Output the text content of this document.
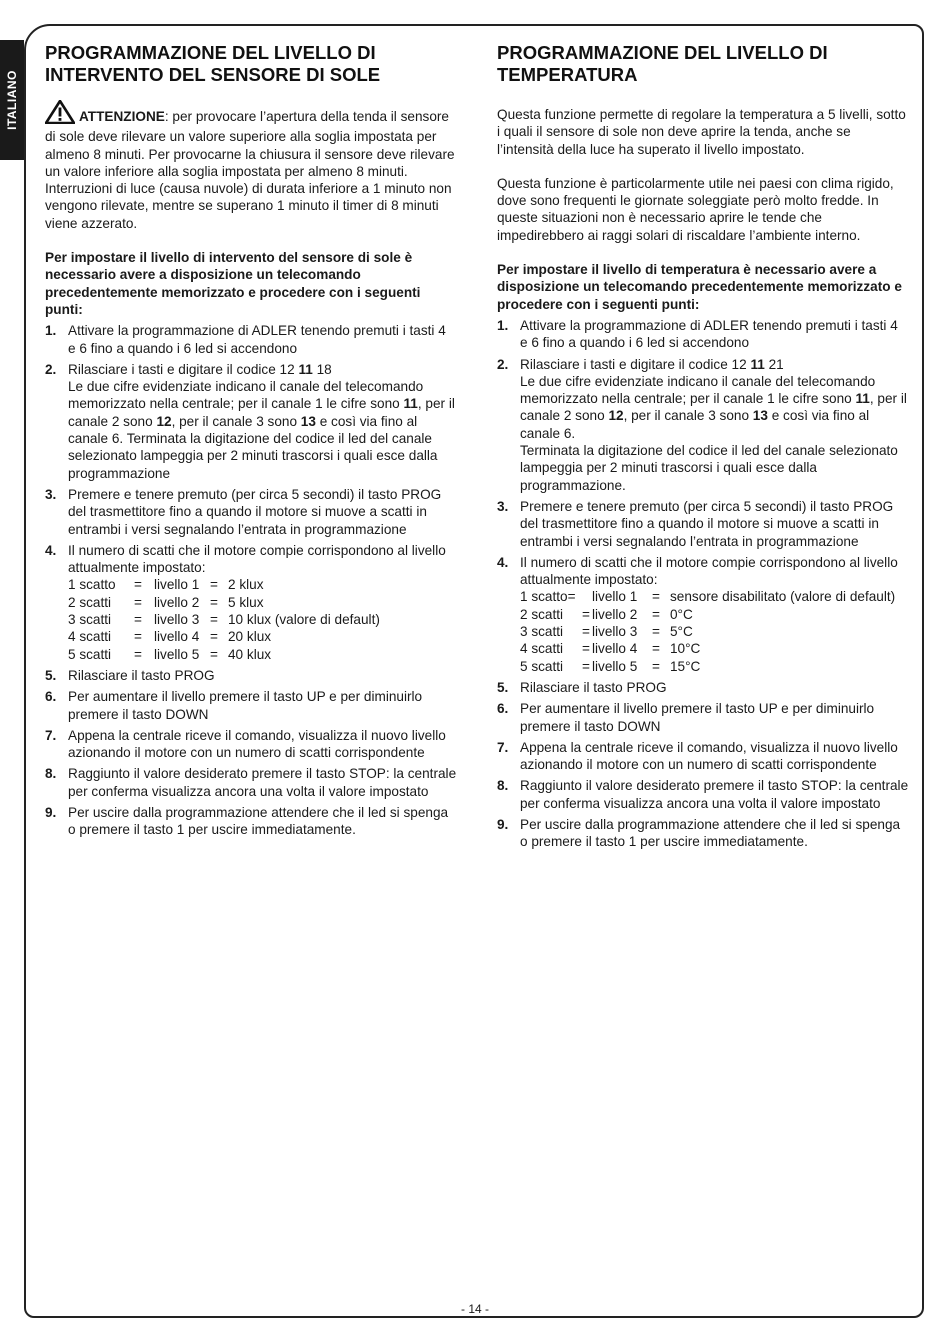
ITALIANO
PROGRAMMAZIONE DEL LIVELLO DI INTERVENTO DEL SENSORE DI SOLE

ATTENZIONE: per provocare l’apertura della tenda il sensore di sole deve rilevare un valore superiore alla soglia impostata per almeno 8 minuti. Per provocarne la chiusura il sensore deve rilevare un valore inferiore alla soglia impostata per almeno 8 minuti.

Interruzioni di luce (causa nuvole) di durata inferiore a 1 minuto non vengono rilevate, mentre se superano 1 minuto il timer di 8 minuti viene azzerato.

Per impostare il livello di intervento del sensore di sole è necessario avere a disposizione un telecomando precedentemente memorizzato e procedere con i seguenti punti:

1. Attivare la programmazione di ADLER tenendo premuti i tasti 4 e 6 fino a quando i 6 led si accendono
2. Rilasciare i tasti e digitare il codice 12 11 18
Le due cifre evidenziate indicano il canale del telecomando memorizzato nella centrale; per il canale 1 le cifre sono 11, per il canale 2 sono 12, per il canale 3 sono 13 e così via fino al canale 6. Terminata la digitazione del codice il led del canale selezionato lampeggia per 2 minuti trascorsi i quali esce dalla programmazione
3. Premere e tenere premuto (per circa 5 secondi) il tasto PROG del trasmettitore fino a quando il motore si muove a scatti in entrambi i versi segnalando l’entrata in programmazione
4. Il numero di scatti che il motore compie corrispondono al livello attualmente impostato:
1 scatto	=	livello 1	=	2 klux
2 scatti	=	livello 2	=	5 klux
3 scatti	=	livello 3	=	10 klux (valore di default)
4 scatti	=	livello 4	=	20 klux
5 scatti	=	livello 5	=	40 klux
5. Rilasciare il tasto PROG
6. Per aumentare il livello premere il tasto UP e per diminuirlo premere il tasto DOWN
7. Appena la centrale riceve il comando, visualizza il nuovo livello azionando il motore con un numero di scatti corrispondente
8. Raggiunto il valore desiderato premere il tasto STOP: la centrale per conferma visualizza ancora una volta il valore impostato
9. Per uscire dalla programmazione attendere che il led si spenga o premere il tasto 1 per uscire immediatamente.
PROGRAMMAZIONE DEL LIVELLO DI TEMPERATURA

Questa funzione permette di regolare la temperatura a 5 livelli, sotto i quali il sensore di sole non deve aprire la tenda, anche se l’intensità della luce ha superato il livello impostato.

Questa funzione è particolarmente utile nei paesi con clima rigido, dove sono frequenti le giornate soleggiate però molto fredde. In queste situazioni non è necessario aprire le tende che impedirebbero ai raggi solari di riscaldare l’ambiente interno.

Per impostare il livello di temperatura è necessario avere a disposizione un telecomando precedentemente memorizzato e procedere con i seguenti punti:

1. Attivare la programmazione di ADLER tenendo premuti i tasti 4 e 6 fino a quando i 6 led si accendono
2. Rilasciare i tasti e digitare il codice 12 11 21
Le due cifre evidenziate indicano il canale del telecomando memorizzato nella centrale; per il canale 1 le cifre sono 11, per il canale 2 sono 12, per il canale 3 sono 13 e così via fino al canale 6.
Terminata la digitazione del codice il led del canale selezionato lampeggia per 2 minuti trascorsi i quali esce dalla programmazione.
3. Premere e tenere premuto (per circa 5 secondi) il tasto PROG del trasmettitore fino a quando il motore si muove a scatti in entrambi i versi segnalando l’entrata in programmazione
4. Il numero di scatti che il motore compie corrispondono al livello attualmente impostato:
1 scatto=		livello 1	=	sensore disabilitato (valore di default)
2 scatti	=	livello 2	=	0°C
3 scatti	=	livello 3	=	5°C
4 scatti	=	livello 4	=	10°C
5 scatti	=	livello 5	=	15°C
5. Rilasciare il tasto PROG
6. Per aumentare il livello premere il tasto UP e per diminuirlo premere il tasto DOWN
7. Appena la centrale riceve il comando, visualizza il nuovo livello azionando il motore con un numero di scatti corrispondente
8. Raggiunto il valore desiderato premere il tasto STOP: la centrale per conferma visualizza ancora una volta il valore impostato
9. Per uscire dalla programmazione attendere che il led si spenga o premere il tasto 1 per uscire immediatamente.
- 14 -
